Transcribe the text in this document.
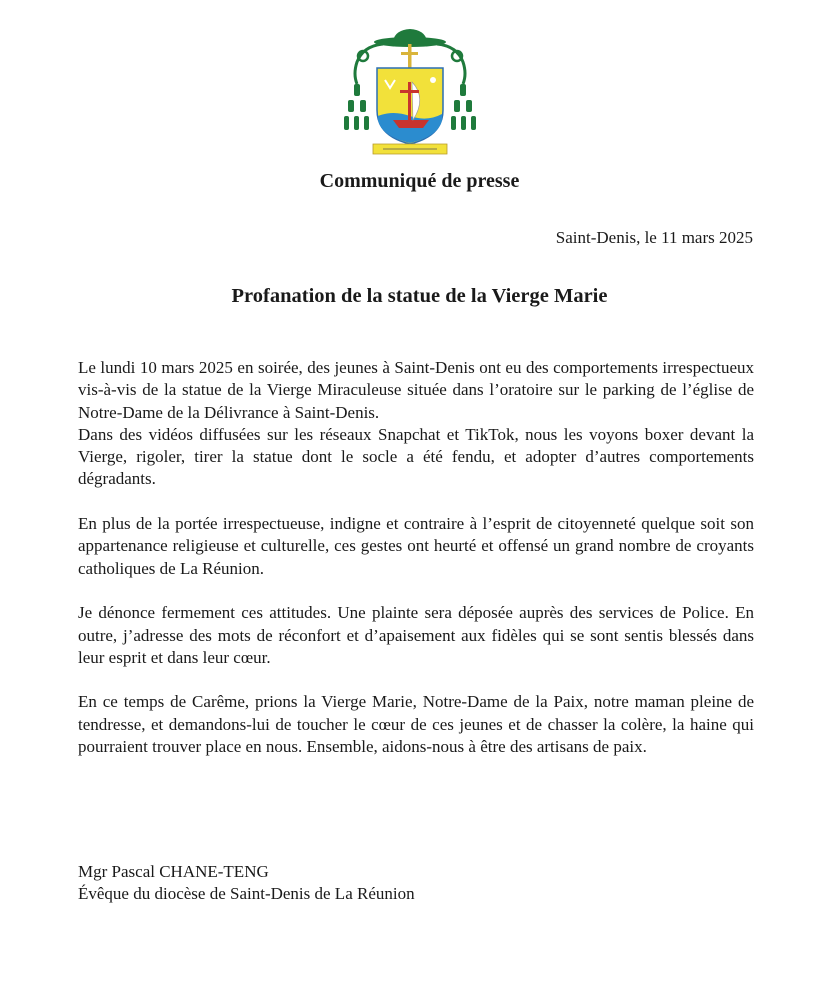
Communiqué de presse
Saint-Denis, le 11 mars 2025
Profanation de la statue de la Vierge Marie

Le lundi 10 mars 2025 en soirée, des jeunes à Saint-Denis ont eu des comportements irrespectueux vis-à-vis de la statue de la Vierge Miraculeuse située dans l’oratoire sur le parking de l’église de Notre-Dame de la Délivrance à Saint-Denis.

Dans des vidéos diffusées sur les réseaux Snapchat et TikTok, nous les voyons boxer devant la Vierge, rigoler, tirer la statue dont le socle a été fendu, et adopter d’autres comportements dégradants.

En plus de la portée irrespectueuse, indigne et contraire à l’esprit de citoyenneté quelque soit son appartenance religieuse et culturelle, ces gestes ont heurté et offensé un grand nombre de croyants catholiques de La Réunion.

Je dénonce fermement ces attitudes. Une plainte sera déposée auprès des services de Police. En outre, j’adresse des mots de réconfort et d’apaisement aux fidèles qui se sont sentis blessés dans leur esprit et dans leur cœur.

En ce temps de Carême, prions la Vierge Marie, Notre-Dame de la Paix, notre maman pleine de tendresse, et demandons-lui de toucher le cœur de ces jeunes et de chasser la colère, la haine qui pourraient trouver place en nous. Ensemble, aidons-nous à être des artisans de paix.

Mgr Pascal CHANE-TENG
Évêque du diocèse de Saint-Denis de La Réunion
